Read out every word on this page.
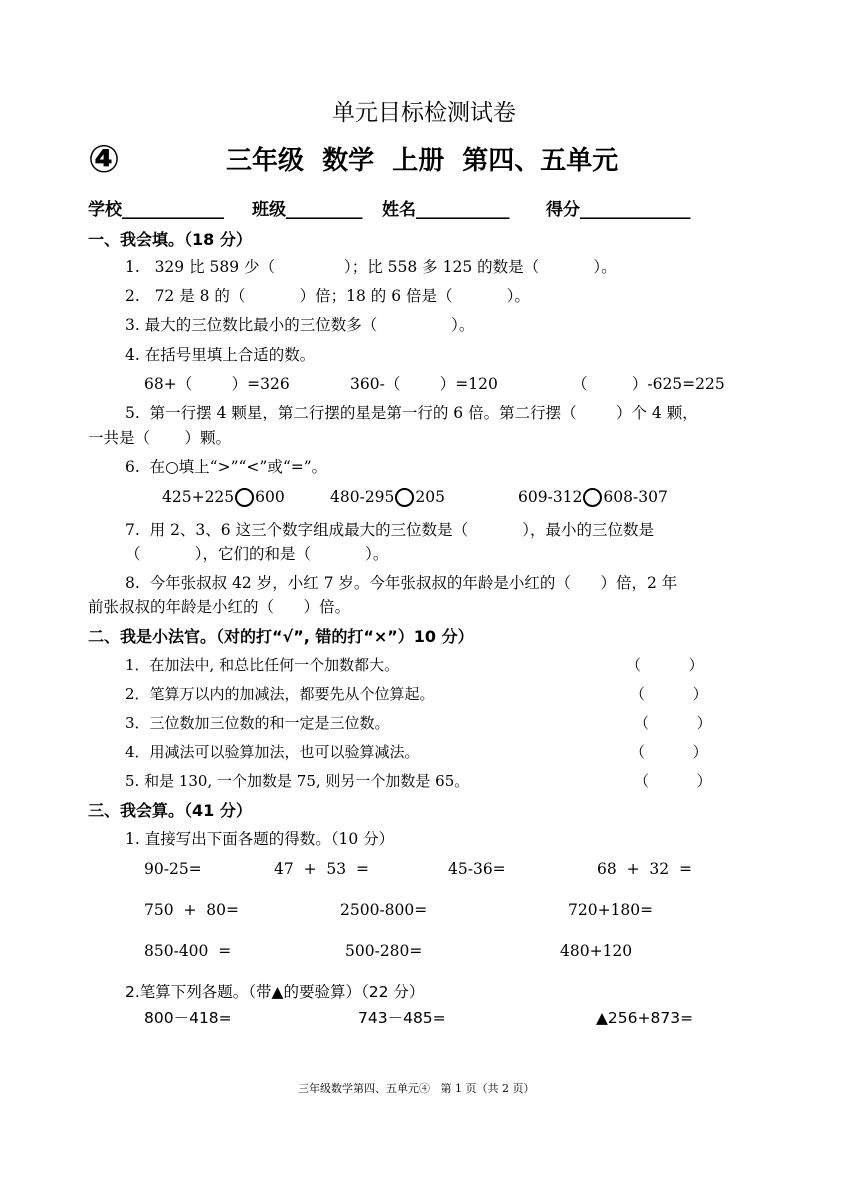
单元目标检测试卷
④	三年级  数学  上册  第四、五单元
学校____________ 班级_________ 姓名___________ 得分_____________
一、我会填。（18 分）
1.   329 比 589 少（              ）；比 558 多 125 的数是（           ）。
2.   72 是 8 的（           ）倍；18 的 6 倍是（           ）。
3. 最大的三位数比最小的三位数多（               ）。
4. 在括号里填上合适的数。
68+（        ）=326	360-（        ）=120	（         ）-625=225
5.  第一行摆 4 颗星，第二行摆的星是第一行的 6 倍。第二行摆（        ）个 4 颗，
一共是（       ）颗。
6.  在○填上“>”“<”或“=”。
425+225 600	480-295 205	609-312 608-307
7.  用 2、3、6 这三个数字组成最大的三位数是（           ），最小的三位数是
（           ），它们的和是（           ）。
8.  今年张叔叔 42 岁，小红 7 岁。今年张叔叔的年龄是小红的（      ）倍，2 年
前张叔叔的年龄是小红的（      ）倍。
二、我是小法官。（对的打“√”, 错的打“×”）10 分）
1．在加法中, 和总比任何一个加数都大。	（          ）
2．笔算万以内的加减法，都要先从个位算起。	（          ）
3．三位数加三位数的和一定是三位数。	（          ）
4．用减法可以验算加法，也可以验算减法。	（          ）
5. 和是 130, 一个加数是 75, 则另一个加数是 65。	（          ）
三、我会算。（41 分）
1. 直接写出下面各题的得数。（10 分）
90-25=	47  +  53  =	45-36=	68  +  32  =
750  +  80=	2500-800=	720+180=
850-400  =	500-280=	480+120
2.笔算下列各题。（带▲的要验算）（22 分）
800－418=	743－485=	▲256+873=
三年级数学第四、五单元④   第 1 页（共 2 页）
